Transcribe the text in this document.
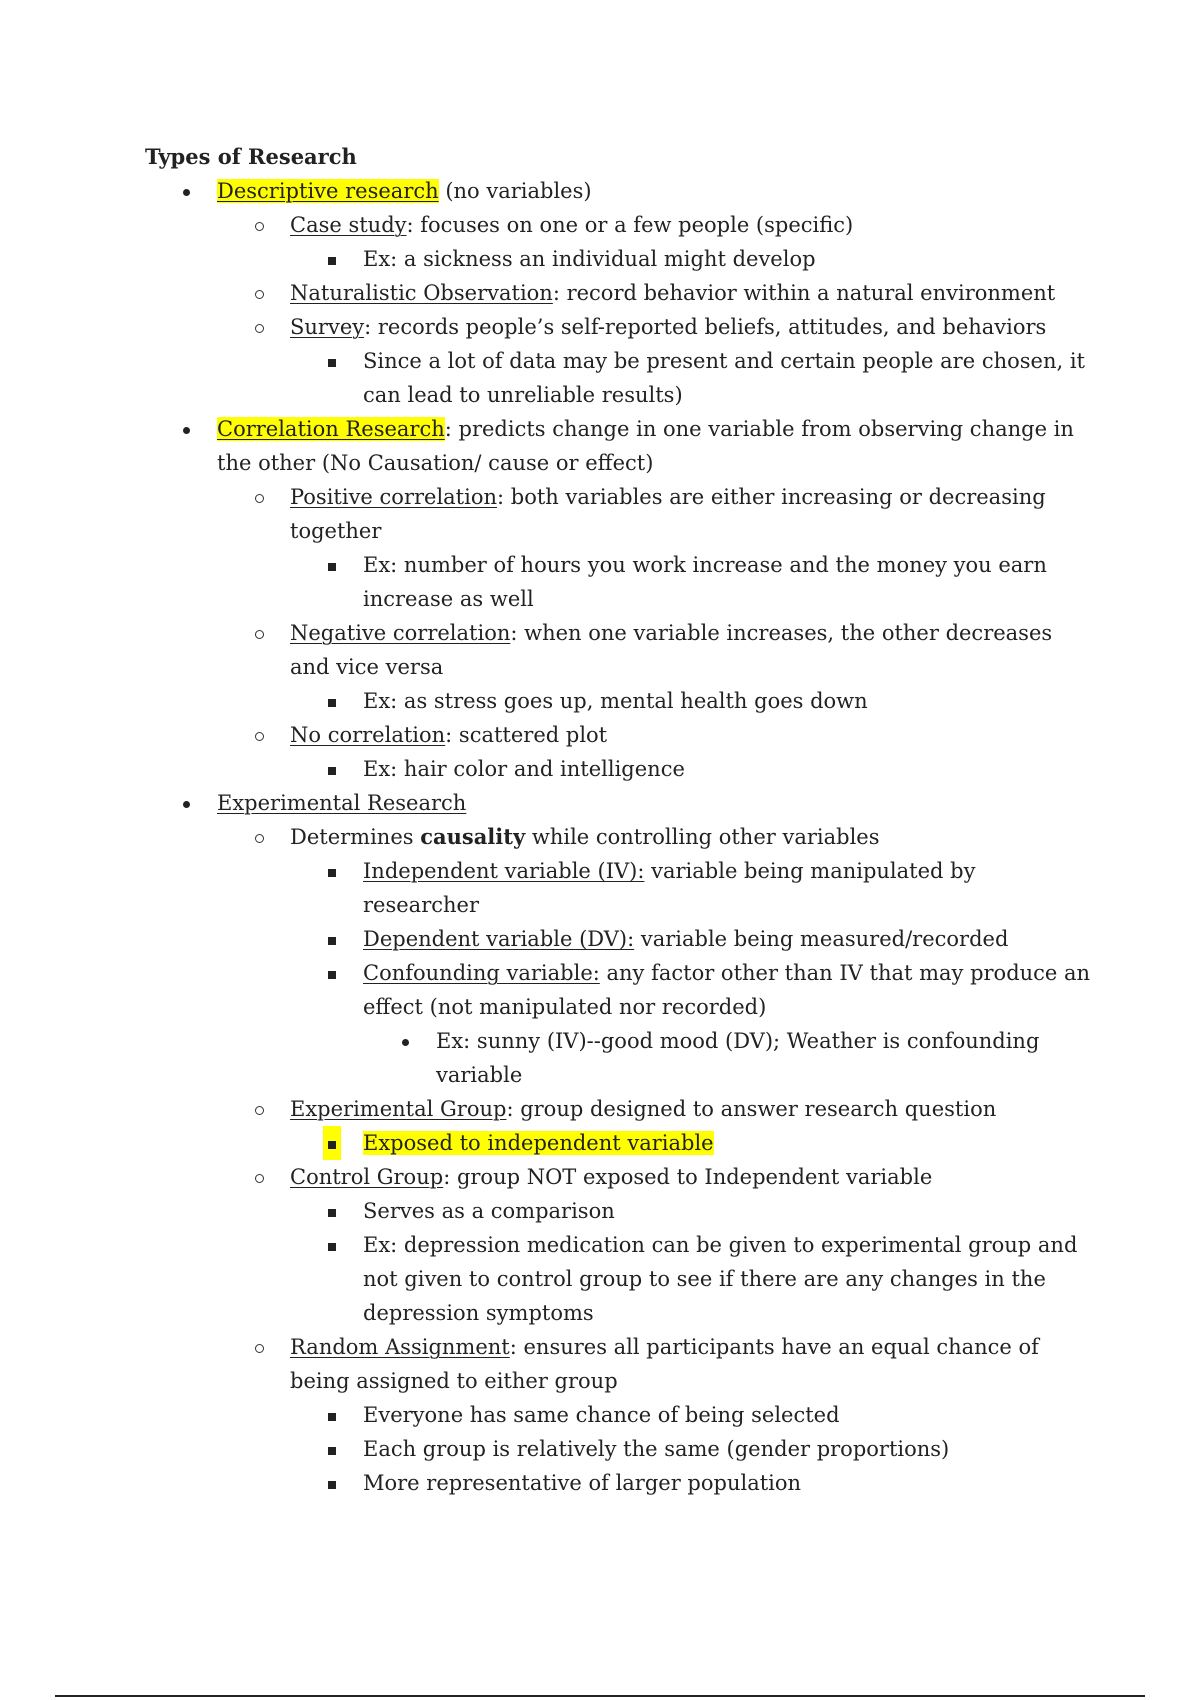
Types of Research
Descriptive research (no variables)
Case study: focuses on one or a few people (specific)
Ex: a sickness an individual might develop
Naturalistic Observation: record behavior within a natural environment
Survey: records people’s self-reported beliefs, attitudes, and behaviors
Since a lot of data may be present and certain people are chosen, it can lead to unreliable results)
Correlation Research: predicts change in one variable from observing change in the other (No Causation/ cause or effect)
Positive correlation: both variables are either increasing or decreasing together
Ex: number of hours you work increase and the money you earn increase as well
Negative correlation: when one variable increases, the other decreases and vice versa
Ex: as stress goes up, mental health goes down
No correlation: scattered plot
Ex: hair color and intelligence
Experimental Research
Determines causality while controlling other variables
Independent variable (IV): variable being manipulated by researcher
Dependent variable (DV): variable being measured/recorded
Confounding variable: any factor other than IV that may produce an effect (not manipulated nor recorded)
Ex: sunny (IV)--good mood (DV); Weather is confounding variable
Experimental Group: group designed to answer research question
Exposed to independent variable
Control Group: group NOT exposed to Independent variable
Serves as a comparison
Ex: depression medication can be given to experimental group and not given to control group to see if there are any changes in the depression symptoms
Random Assignment: ensures all participants have an equal chance of being assigned to either group
Everyone has same chance of being selected
Each group is relatively the same (gender proportions)
More representative of larger population
